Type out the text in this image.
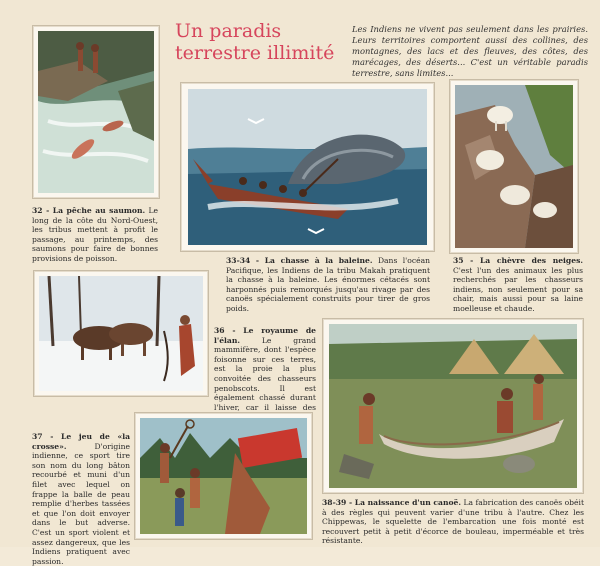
Un paradis
terrestre illimité
Les Indiens ne vivent pas seulement dans les prairies. Leurs territoires comportent aussi des collines, des montagnes, des lacs et des fleuves, des côtes, des marécages, des déserts... C'est un véritable paradis terrestre, sans limites...
32 - La pêche au saumon. Le long de la côte du Nord-Ouest, les tribus mettent à profit le passage, au printemps, des saumons pour faire de bonnes provisions de poisson.	33-34 - La chasse à la baleine. Dans l'océan Pacifique, les Indiens de la tribu Makah pratiquent la chasse à la baleine. Les énormes cétacés sont harponnés puis remorqués jusqu'au rivage par des canoës spécialement construits pour tirer de gros poids.
35 - La chèvre des neiges. C'est l'un des animaux les plus recherchés par les chasseurs indiens, non seulement pour sa chair, mais aussi pour sa laine moelleuse et chaude.
36 - Le royaume de l'élan.	Le grand mammifère, dont l'espèce foisonne sur ces terres, est la proie la plus convoitée des chasseurs penobscots. Il est également chassé durant l'hiver, car il laisse des
37 - Le jeu de «la crosse». D'origine indienne, ce sport tire son nom du long bâton recourbé et muni d'un filet avec lequel on frappe la balle de peau remplie d'herbes tassées et que l'on doit envoyer dans le but adverse. C'est un sport violent et assez dangereux, que les Indiens pratiquent avec passion.
38-39 - La naissance d'un canoë. La fabrication des canoës obéit à des règles qui peuvent varier d'une tribu à l'autre. Chez les Chippewas, le squelette de l'embarcation une fois monté est recouvert petit à petit d'écorce de bouleau, imperméable et très résistante.
